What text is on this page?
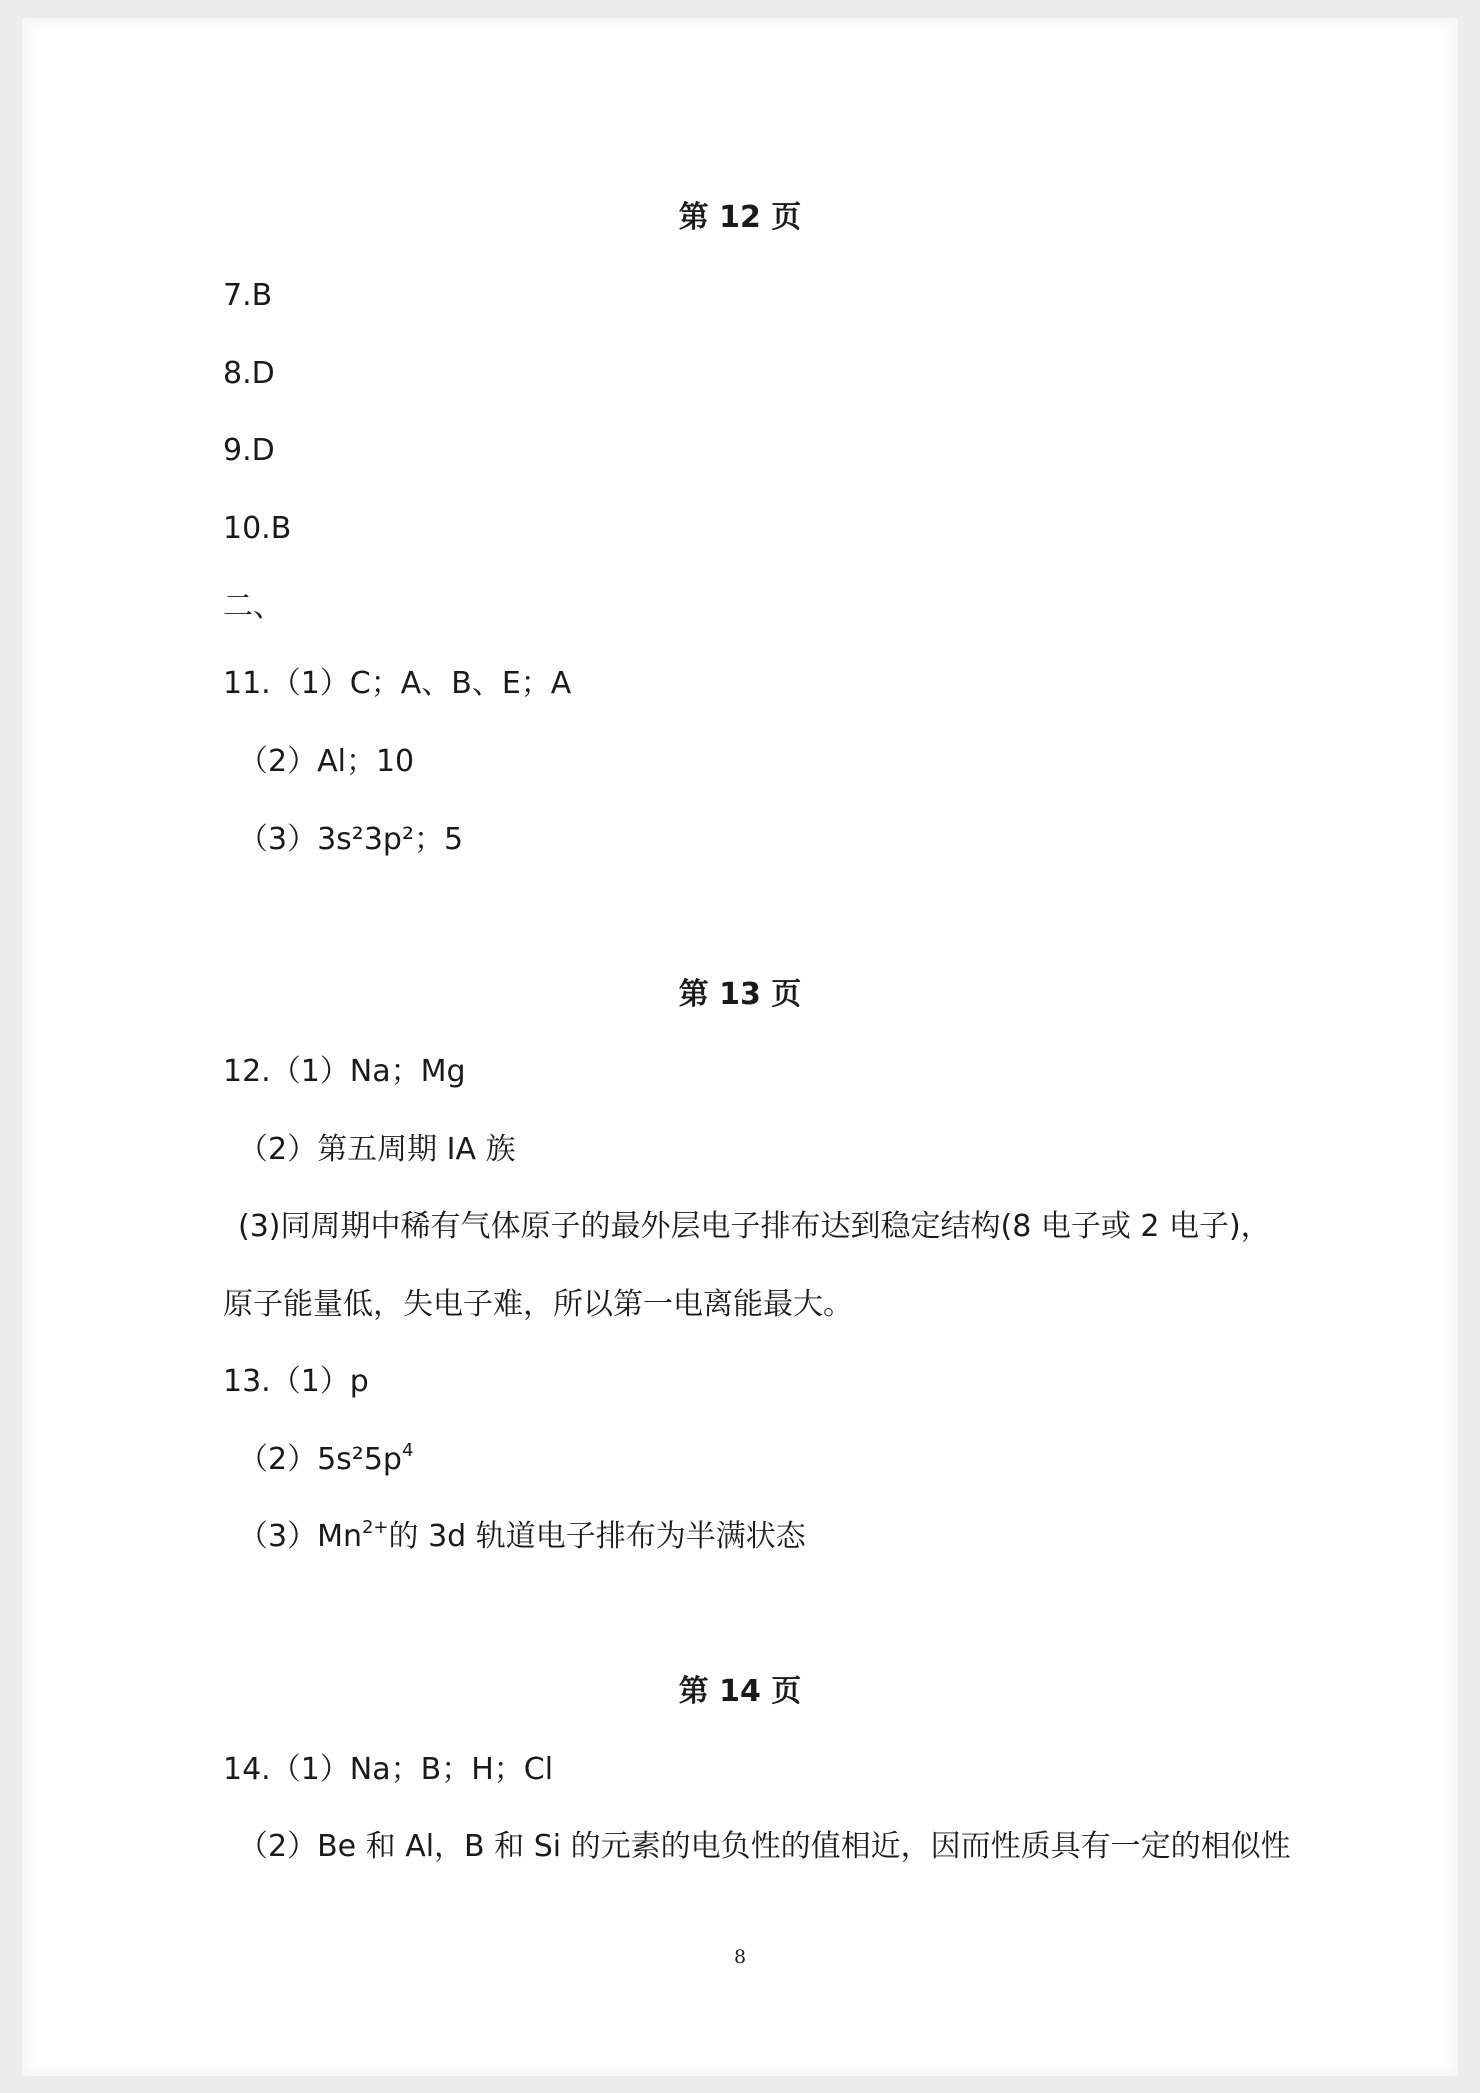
第 12 页
7.B
8.D
9.D
10.B
二、
11.（1）C；A、B、E；A
（2）Al；10
（3）3s²3p²；5
第 13 页
12.（1）Na；Mg
（2）第五周期 IA 族
(3)同周期中稀有气体原子的最外层电子排布达到稳定结构(8 电子或 2 电子)，
原子能量低，失电子难，所以第一电离能最大。
13.（1）p
$(2)5s^25p^4$
$(3)Mn^{2+}$的 3d 轨道电子排布为半满状态
第 14 页
14.（1）Na；B；H；Cl
（2）Be 和 Al，B 和 Si 的元素的电负性的值相近，因而性质具有一定的相似性
8
